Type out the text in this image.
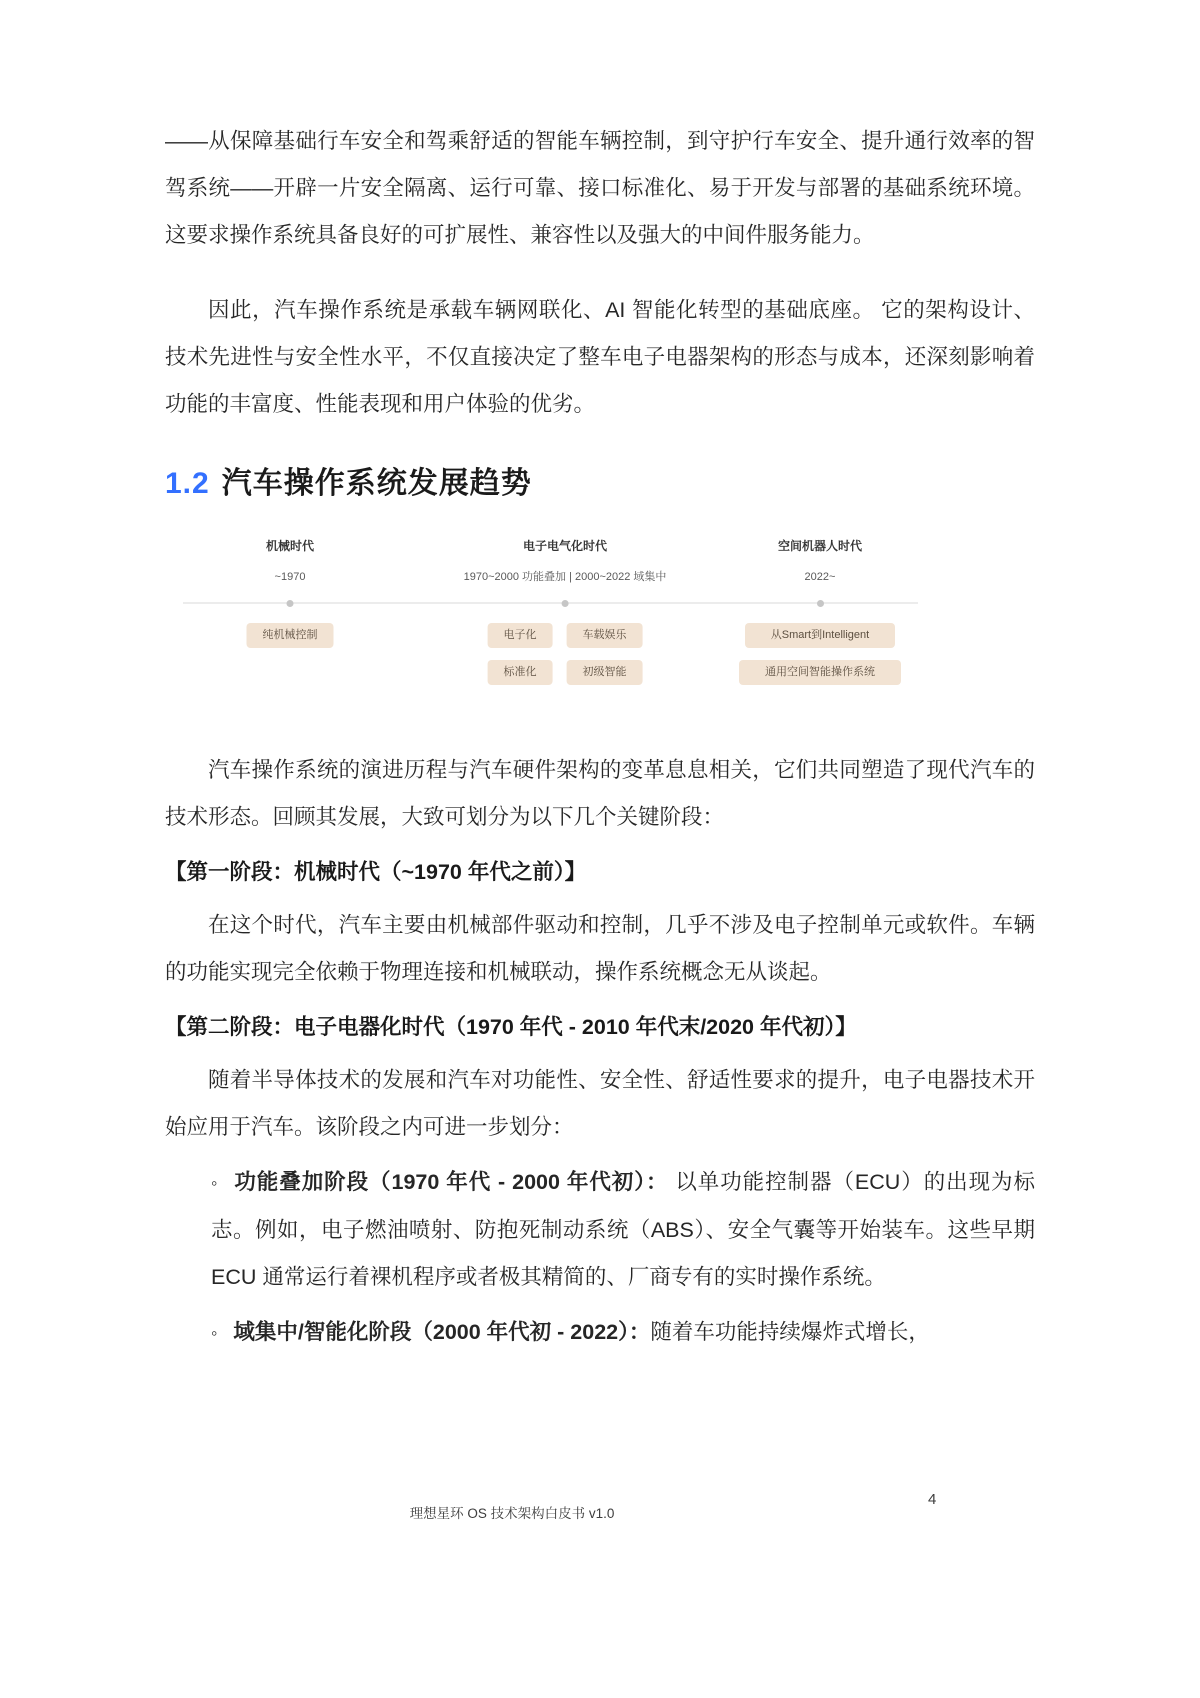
——从保障基础行车安全和驾乘舒适的智能车辆控制，到守护行车安全、提升通行效率的智驾系统——开辟一片安全隔离、运行可靠、接口标准化、易于开发与部署的基础系统环境。这要求操作系统具备良好的可扩展性、兼容性以及强大的中间件服务能力。

因此，汽车操作系统是承载车辆网联化、AI 智能化转型的基础底座。 它的架构设计、技术先进性与安全性水平，不仅直接决定了整车电子电器架构的形态与成本，还深刻影响着功能的丰富度、性能表现和用户体验的优劣。

1.2 汽车操作系统发展趋势
机械时代
~1970
纯机械控制
电子电气化时代
1970~2000 功能叠加 | 2000~2022 域集中
电子化	车载娱乐
标准化	初级智能
空间机器人时代
2022~
从Smart到Intelligent
通用空间智能操作系统

汽车操作系统的演进历程与汽车硬件架构的变革息息相关，它们共同塑造了现代汽车的技术形态。回顾其发展，大致可划分为以下几个关键阶段：

【第一阶段：机械时代（~1970 年代之前）】

在这个时代，汽车主要由机械部件驱动和控制，几乎不涉及电子控制单元或软件。车辆的功能实现完全依赖于物理连接和机械联动，操作系统概念无从谈起。

【第二阶段：电子电器化时代（1970 年代 - 2010 年代末/2020 年代初）】

随着半导体技术的发展和汽车对功能性、安全性、舒适性要求的提升，电子电器技术开始应用于汽车。该阶段之内可进一步划分：

◦ 功能叠加阶段（1970 年代 - 2000 年代初）： 以单功能控制器（ECU）的出现为标志。例如，电子燃油喷射、防抱死制动系统（ABS）、安全气囊等开始装车。这些早期 ECU 通常运行着裸机程序或者极其精简的、厂商专有的实时操作系统。

◦ 域集中/智能化阶段（2000 年代初 - 2022）：随着车功能持续爆炸式增长，

理想星环 OS 技术架构白皮书 v1.0
4
